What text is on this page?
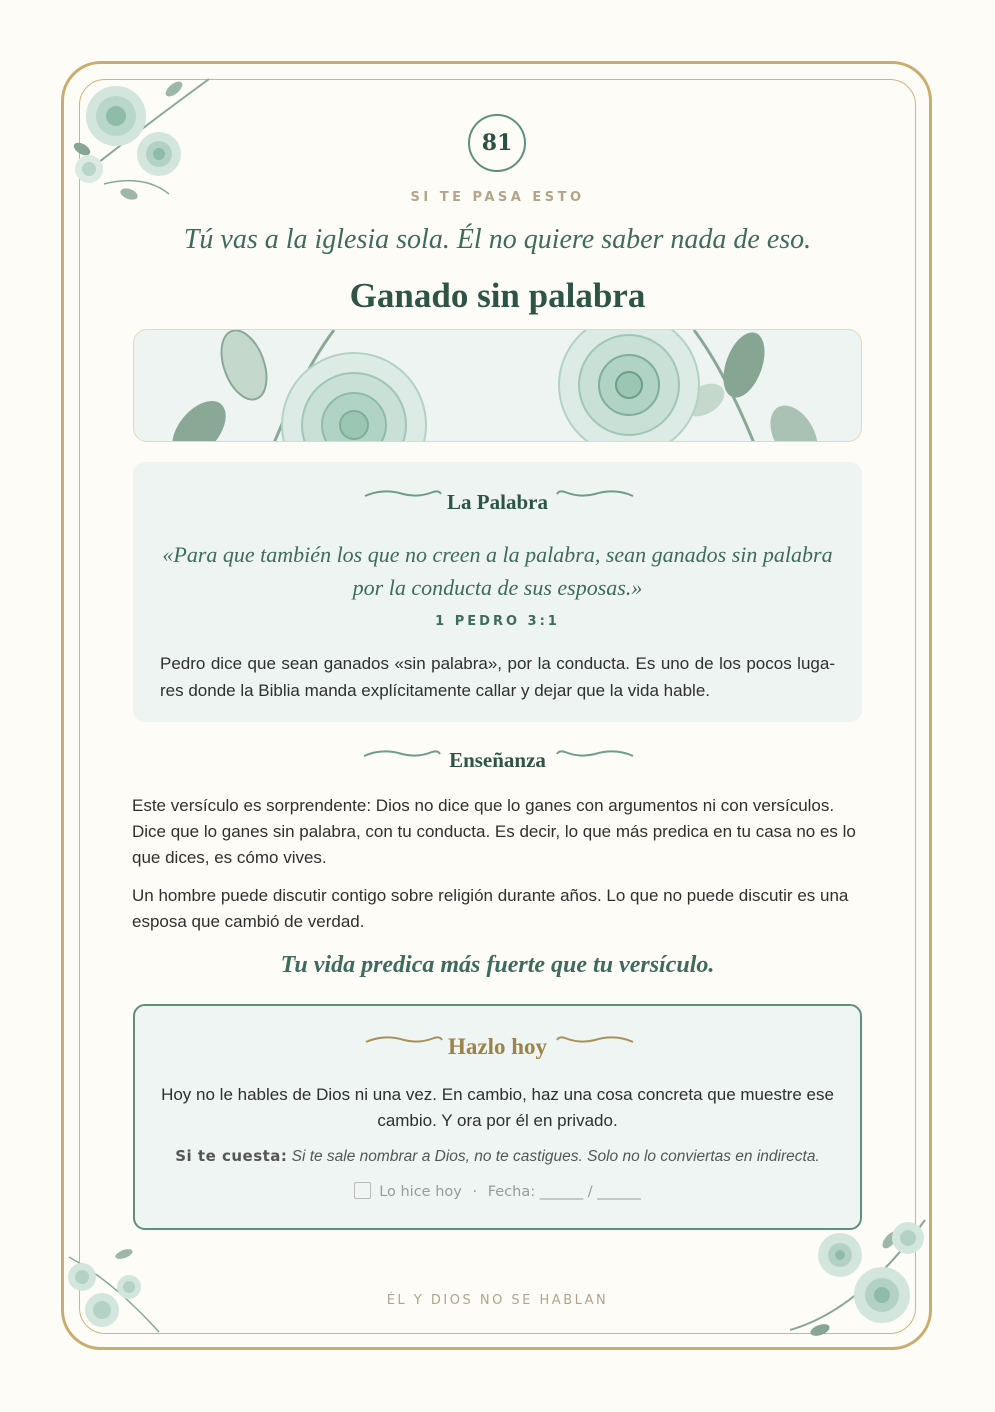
81
SI TE PASA ESTO
Tú vas a la iglesia sola. Él no quiere saber nada de eso.
Ganado sin palabra
La Palabra
«Para que también los que no creen a la palabra, sean ganados sin palabra
por la conducta de sus esposas.»
1 PEDRO 3:1
Pedro dice que sean ganados «sin palabra», por la conducta. Es uno de los pocos luga-res donde la Biblia manda explícitamente callar y dejar que la vida hable.
Enseñanza
Este versículo es sorprendente: Dios no dice que lo ganes con argumentos ni con versículos. Dice que lo ganes sin palabra, con tu conducta. Es decir, lo que más predica en tu casa no es lo que dices, es cómo vives.
Un hombre puede discutir contigo sobre religión durante años. Lo que no puede discutir es una esposa que cambió de verdad.
Tu vida predica más fuerte que tu versículo.
Hazlo hoy
Hoy no le hables de Dios ni una vez. En cambio, haz una cosa concreta que muestre ese cambio. Y ora por él en privado.
Si te cuesta: Si te sale nombrar a Dios, no te castigues. Solo no lo conviertas en indirecta.
Lo hice hoy · Fecha: ______ / ______
ÉL Y DIOS NO SE HABLAN
